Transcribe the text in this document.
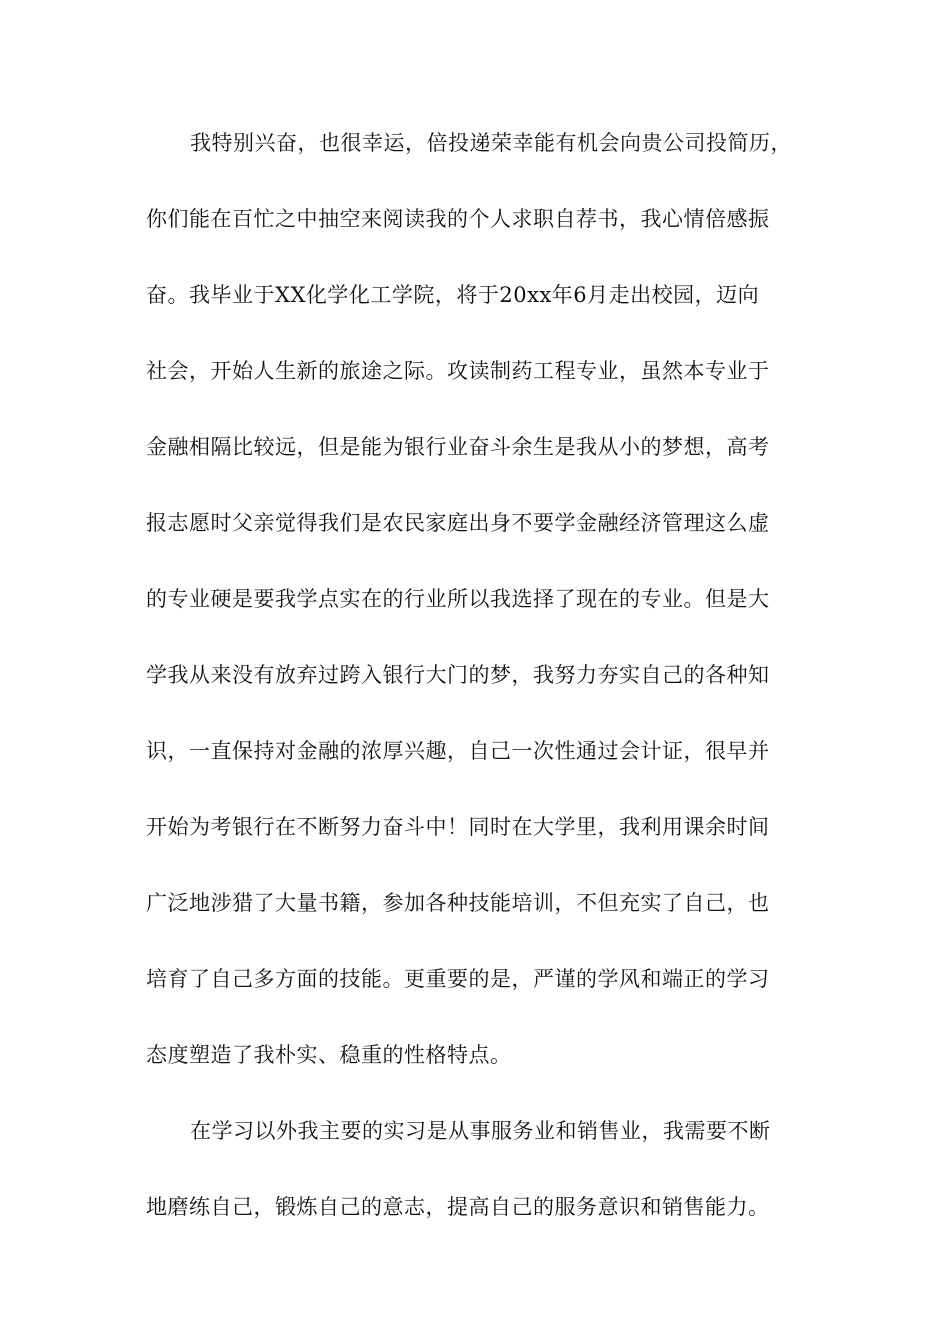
我特别兴奋，也很幸运，倍投递荣幸能有机会向贵公司投简历，

你们能在百忙之中抽空来阅读我的个人求职自荐书，我心情倍感振

奋。我毕业于XX化学化工学院，将于20xx年6月走出校园，迈向

社会，开始人生新的旅途之际。攻读制药工程专业，虽然本专业于

金融相隔比较远，但是能为银行业奋斗余生是我从小的梦想，高考

报志愿时父亲觉得我们是农民家庭出身不要学金融经济管理这么虚

的专业硬是要我学点实在的行业所以我选择了现在的专业。但是大

学我从来没有放弃过跨入银行大门的梦，我努力夯实自己的各种知

识，一直保持对金融的浓厚兴趣，自己一次性通过会计证，很早并

开始为考银行在不断努力奋斗中！同时在大学里，我利用课余时间

广泛地涉猎了大量书籍，参加各种技能培训，不但充实了自己，也

培育了自己多方面的技能。更重要的是，严谨的学风和端正的学习

态度塑造了我朴实、稳重的性格特点。

在学习以外我主要的实习是从事服务业和销售业，我需要不断

地磨练自己，锻炼自己的意志，提高自己的服务意识和销售能力。
